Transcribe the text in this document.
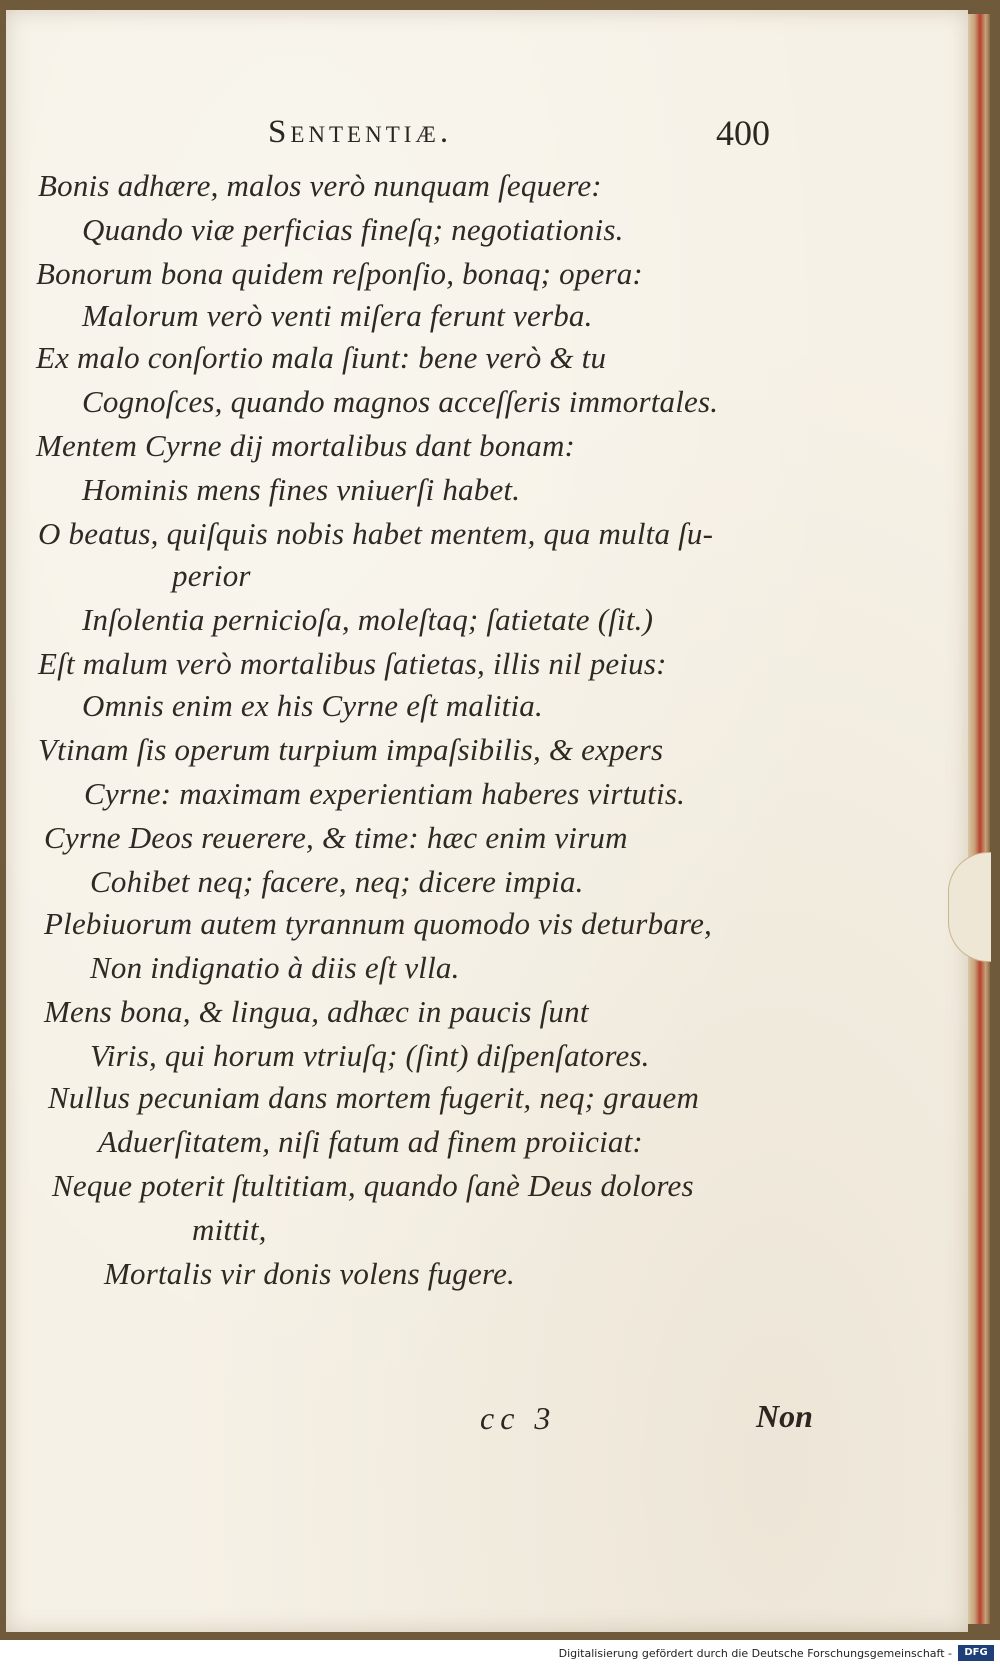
Sententiæ.	400

Bonis adhære, malos verò nunquam ſequere:

Quando viæ perficias fineſq; negotiationis.

Bonorum bona quidem reſponſio, bonaq; opera:

Malorum verò venti miſera ferunt verba.

Ex malo conſortio mala ſiunt: bene verò & tu

Cognoſces, quando magnos acceſſeris immortales.

Mentem Cyrne dij mortalibus dant bonam:

Hominis mens fines vniuerſi habet.

O beatus, quiſquis nobis habet mentem, qua multa ſu-

perior

Inſolentia pernicioſa, moleſtaq; ſatietate (ſit.)

Eſt malum verò mortalibus ſatietas, illis nil peius:

Omnis enim ex his Cyrne eſt malitia.

Vtinam ſis operum turpium impaſsibilis, & expers

Cyrne: maximam experientiam haberes virtutis.

Cyrne Deos reuerere, & time: hæc enim virum

Cohibet neq; facere, neq; dicere impia.

Plebiuorum autem tyrannum quomodo vis deturbare,

Non indignatio à diis eſt vlla.

Mens bona, & lingua, adhæc in paucis ſunt

Viris, qui horum vtriuſq; (ſint) diſpenſatores.

Nullus pecuniam dans mortem fugerit, neq; grauem

Aduerſitatem, niſi fatum ad finem proiiciat:

Neque poterit ſtultitiam, quando ſanè Deus dolores

mittit,

Mortalis vir donis volens fugere.

cc 3	Non
Digitalisierung gefördert durch die Deutsche Forschungsgemeinschaft -	DFG
